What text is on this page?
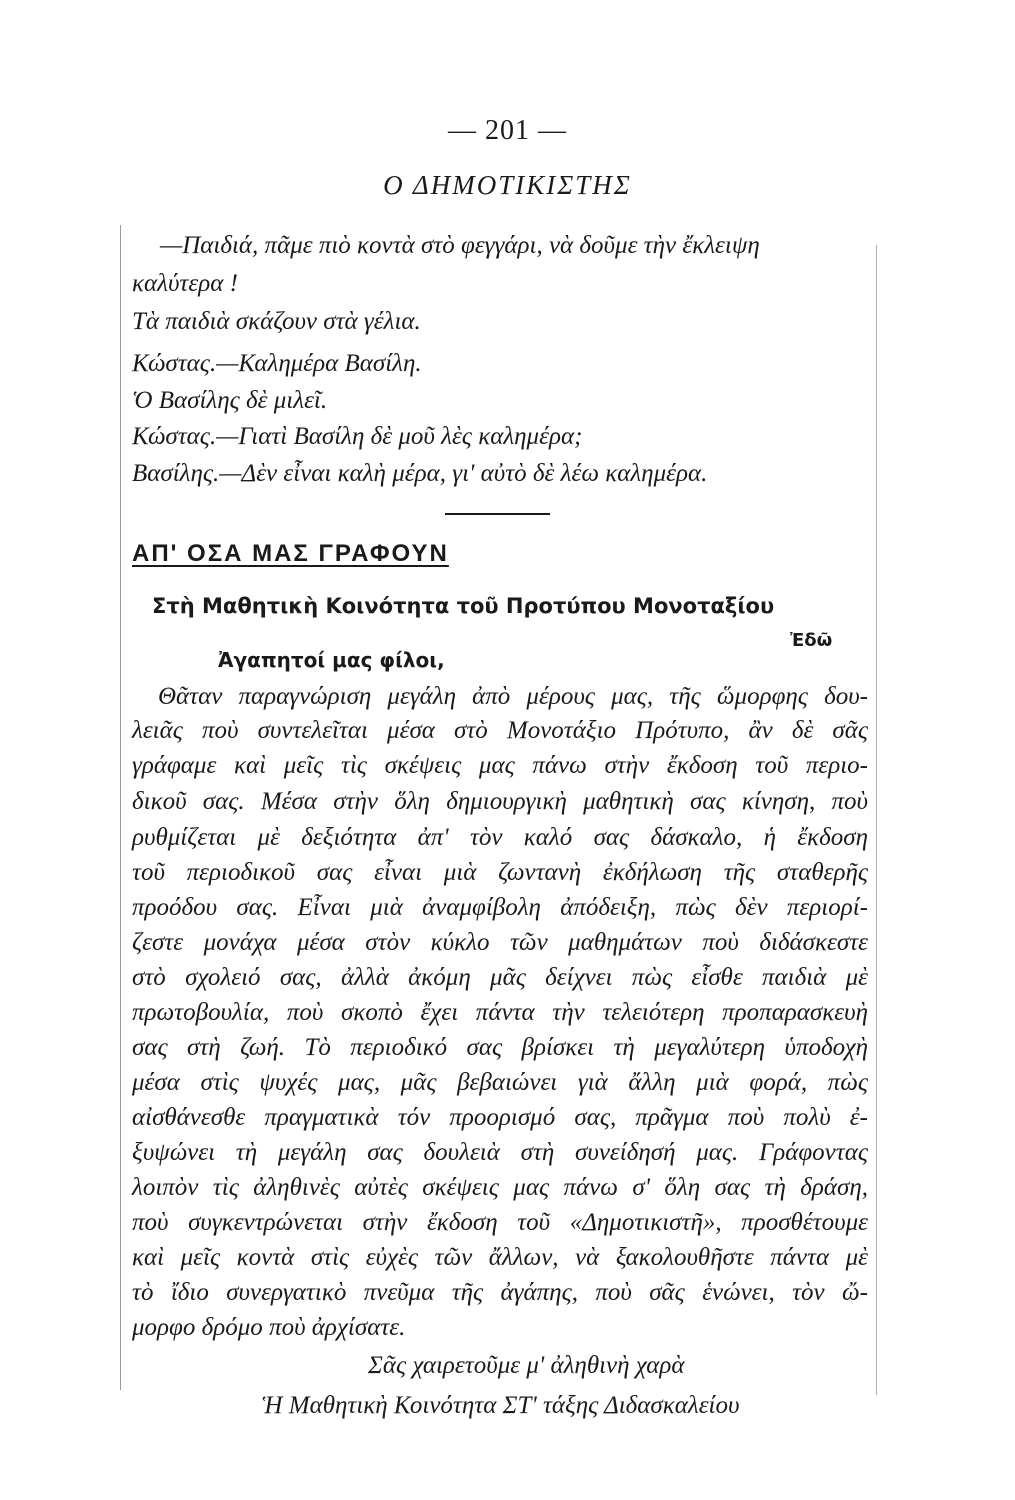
— 201 —
Ο ΔΗΜΟΤΙΚΙΣΤΗΣ
—Παιδιά, πᾶμε πιὸ κοντὰ στὸ φεγγάρι, νὰ δοῦμε τὴν ἔκλειψη
καλύτερα !
Τὰ παιδιὰ σκάζουν στὰ γέλια.
Κώστας.—Καλημέρα Βασίλη.
Ὁ Βασίλης δὲ μιλεῖ.
Κώστας.—Γιατὶ Βασίλη δὲ μοῦ λὲς καλημέρα;
Βασίλης.—Δὲν εἶναι καλὴ μέρα, γι' αὐτὸ δὲ λέω καλημέρα.
ΑΠ' ΟΣΑ ΜΑΣ ΓΡΑΦΟΥΝ
Στὴ Μαθητικὴ Κοινότητα τοῦ Προτύπου Μονοταξίου
Ἐδῶ
Ἀγαπητοί μας φίλοι,
Θᾶταν παραγνώριση μεγάλη ἀπὸ μέρους μας, τῆς ὥμορφης δου-
λειᾶς ποὺ συντελεῖται μέσα στὸ Μονοτάξιο Πρότυπο, ἂν δὲ σᾶς
γράφαμε καὶ μεῖς τὶς σκέψεις μας πάνω στὴν ἔκδοση τοῦ περιο-
δικοῦ σας. Μέσα στὴν ὅλη δημιουργικὴ μαθητικὴ σας κίνηση, ποὺ
ρυθμίζεται μὲ δεξιότητα ἀπ' τὸν καλό σας δάσκαλο, ἡ ἔκδοση
τοῦ περιοδικοῦ σας εἶναι μιὰ ζωντανὴ ἐκδήλωση τῆς σταθερῆς
προόδου σας. Εἶναι μιὰ ἀναμφίβολη ἀπόδειξη, πὼς δὲν περιορί-
ζεστε μονάχα μέσα στὸν κύκλο τῶν μαθημάτων ποὺ διδάσκεστε
στὸ σχολειό σας, ἀλλὰ ἀκόμη μᾶς δείχνει πὼς εἶσθε παιδιὰ μὲ
πρωτοβουλία, ποὺ σκοπὸ ἔχει πάντα τὴν τελειότερη προπαρασκευὴ
σας στὴ ζωή. Τὸ περιοδικό σας βρίσκει τὴ μεγαλύτερη ὑποδοχὴ
μέσα στὶς ψυχές μας, μᾶς βεβαιώνει γιὰ ἄλλη μιὰ φορά, πὼς
αἰσθάνεσθε πραγματικὰ τόν προορισμό σας, πρᾶγμα ποὺ πολὺ ἐ-
ξυψώνει τὴ μεγάλη σας δουλειὰ στὴ συνείδησή μας. Γράφοντας
λοιπὸν τὶς ἀληθινὲς αὐτὲς σκέψεις μας πάνω σ' ὅλη σας τὴ δράση,
ποὺ συγκεντρώνεται στὴν ἔκδοση τοῦ «Δημοτικιστῆ», προσθέτουμε
καὶ μεῖς κοντὰ στὶς εὐχὲς τῶν ἄλλων, νὰ ξακολουθῆστε πάντα μὲ
τὸ ἴδιο συνεργατικὸ πνεῦμα τῆς ἀγάπης, ποὺ σᾶς ἑνώνει, τὸν ὤ-
μορφο δρόμο ποὺ ἀρχίσατε.
Σᾶς χαιρετοῦμε μ' ἀληθινὴ χαρὰ
Ἡ Μαθητικὴ Κοινότητα ΣΤ' τάξης Διδασκαλείου
